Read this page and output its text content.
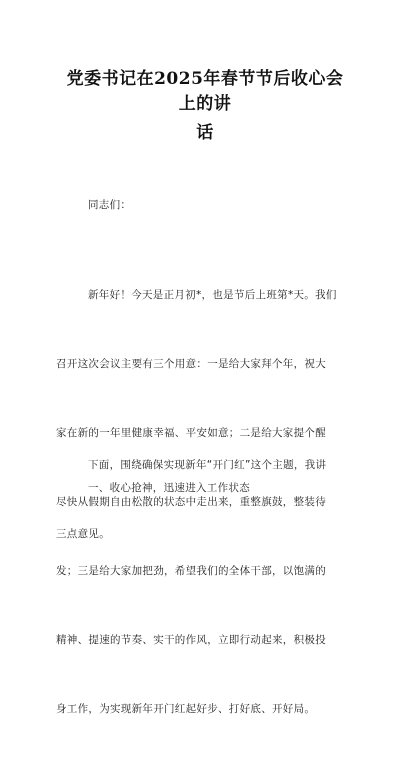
党委书记在2025年春节节后收心会上的讲
话
同志们：

新年好！今天是正月初*，也是节后上班第*天。我们

召开这次会议主要有三个用意：一是给大家拜个年，祝大

家在新的一年里健康幸福、平安如意；二是给大家提个醒

尽快从假期自由松散的状态中走出来，重整旗鼓，整装待

发；三是给大家加把劲，希望我们的全体干部，以饱满的

精神、提速的节奏、实干的作风，立即行动起来，积极投

身工作，为实现新年开门红起好步、打好底、开好局。

下面，围绕确保实现新年“开门红”这个主题，我讲

三点意见。

一、收心抢神，迅速进入工作状态
